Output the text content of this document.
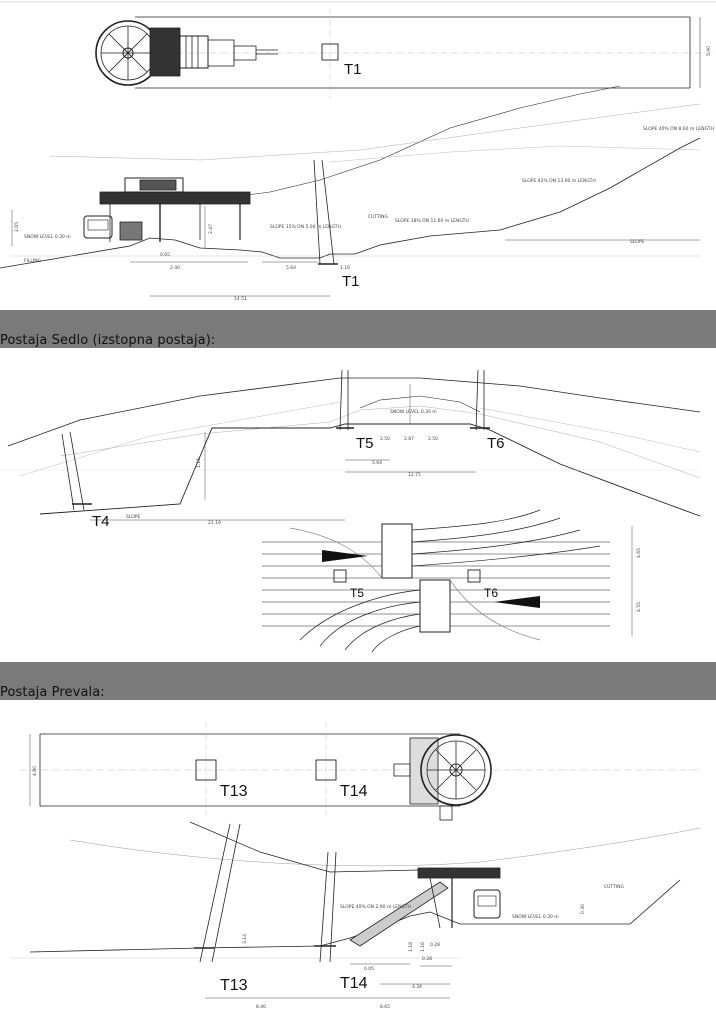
T1
5.90
T1
SLOPE 40% ON 8.60 m LENGTH
SLOPE 42% ON 13.00 m LENGTH
SLOPE 15% ON 5.00 m LENGTH
SLOPE 18% ON 11.60 m LENGTH
CUTTING
SLOPE
SNOW LEVEL 0.30 m
FILLING
2.65
0.65
2.40
2.47
5.64
14.51
1.16
Postaja Sedlo (izstopna postaja):
T4
T5	T6
SLOPE
SNOW LEVEL 0.30 m
2.50	2.87	2.50
5.64
12.75
21.19
1.16
T5	T6
4.65
4.55
Postaja Prevala:
T13	T14
4.80
T13	T14
SLOPE 40% ON 2.90 m LENGTH
SNOW LEVEL 0.30 m
CUTTING
3.14
0.30
1.18 1.16 0.28
0.28
4.34
8.40	8.65
0.05
